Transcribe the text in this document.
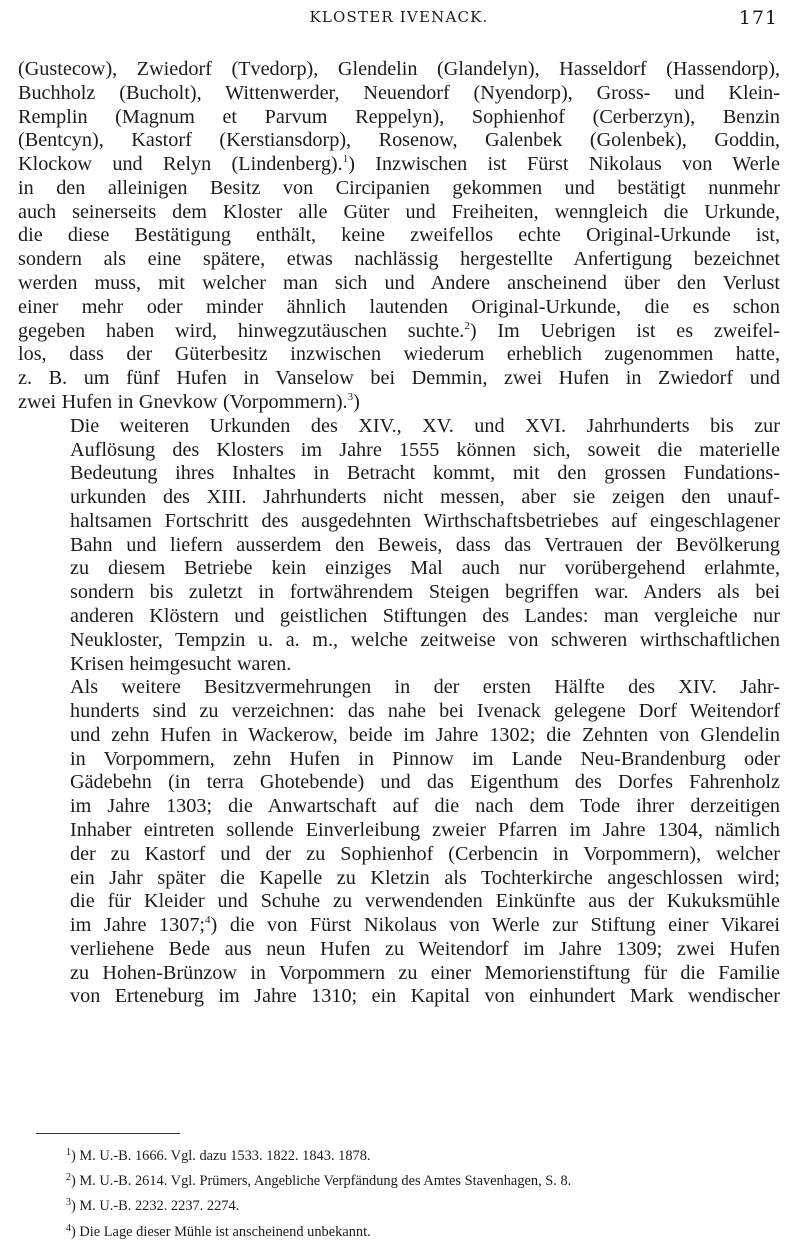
KLOSTER IVENACK.	171

(Gustecow), Zwiedorf (Tvedorp), Glendelin (Glandelyn), Hasseldorf (Hassendorp),
Buchholz (Bucholt), Wittenwerder, Neuendorf (Nyendorp), Gross- und Klein-
Remplin (Magnum et Parvum Reppelyn), Sophienhof (Cerberzyn), Benzin
(Bentcyn), Kastorf (Kerstiansdorp), Rosenow, Galenbek (Golenbek), Goddin,
Klockow und Relyn (Lindenberg).$^1$) Inzwischen ist Fürst Nikolaus von Werle
in den alleinigen Besitz von Circipanien gekommen und bestätigt nunmehr
auch seinerseits dem Kloster alle Güter und Freiheiten, wenngleich die Urkunde,
die diese Bestätigung enthält, keine zweifellos echte Original-Urkunde ist,
sondern als eine spätere, etwas nachlässig hergestellte Anfertigung bezeichnet
werden muss, mit welcher man sich und Andere anscheinend über den Verlust
einer mehr oder minder ähnlich lautenden Original-Urkunde, die es schon
gegeben haben wird, hinwegzutäuschen suchte.$^2$) Im Uebrigen ist es zweifel-
los, dass der Güterbesitz inzwischen wiederum erheblich zugenommen hatte,
z. B. um fünf Hufen in Vanselow bei Demmin, zwei Hufen in Zwiedorf und
zwei Hufen in Gnevkow (Vorpommern).$^3$)

Die weiteren Urkunden des XIV., XV. und XVI. Jahrhunderts bis zur
Auflösung des Klosters im Jahre 1555 können sich, soweit die materielle
Bedeutung ihres Inhaltes in Betracht kommt, mit den grossen Fundations-
urkunden des XIII. Jahrhunderts nicht messen, aber sie zeigen den unauf-
haltsamen Fortschritt des ausgedehnten Wirthschaftsbetriebes auf eingeschlagener
Bahn und liefern ausserdem den Beweis, dass das Vertrauen der Bevölkerung
zu diesem Betriebe kein einziges Mal auch nur vorübergehend erlahmte,
sondern bis zuletzt in fortwährendem Steigen begriffen war. Anders als bei
anderen Klöstern und geistlichen Stiftungen des Landes: man vergleiche nur
Neukloster, Tempzin u. a. m., welche zeitweise von schweren wirthschaftlichen
Krisen heimgesucht waren.

Als weitere Besitzvermehrungen in der ersten Hälfte des XIV. Jahr-
hunderts sind zu verzeichnen: das nahe bei Ivenack gelegene Dorf Weitendorf
und zehn Hufen in Wackerow, beide im Jahre 1302; die Zehnten von Glendelin
in Vorpommern, zehn Hufen in Pinnow im Lande Neu-Brandenburg oder
Gädebehn (in terra Ghotebende) und das Eigenthum des Dorfes Fahrenholz
im Jahre 1303; die Anwartschaft auf die nach dem Tode ihrer derzeitigen
Inhaber eintreten sollende Einverleibung zweier Pfarren im Jahre 1304, nämlich
der zu Kastorf und der zu Sophienhof (Cerbencin in Vorpommern), welcher
ein Jahr später die Kapelle zu Kletzin als Tochterkirche angeschlossen wird;
die für Kleider und Schuhe zu verwendenden Einkünfte aus der Kukuksmühle
im Jahre 1307;$^4$) die von Fürst Nikolaus von Werle zur Stiftung einer Vikarei
verliehene Bede aus neun Hufen zu Weitendorf im Jahre 1309; zwei Hufen
zu Hohen-Brünzow in Vorpommern zu einer Memorienstiftung für die Familie
von Erteneburg im Jahre 1310; ein Kapital von einhundert Mark wendischer

$^1$) M. U.-B. 1666. Vgl. dazu 1533. 1822. 1843. 1878.
$^2$) M. U.-B. 2614. Vgl. Prümers, Angebliche Verpfändung des Amtes Stavenhagen, S. 8.
$^3$) M. U.-B. 2232. 2237. 2274.
$^4$) Die Lage dieser Mühle ist anscheinend unbekannt.
